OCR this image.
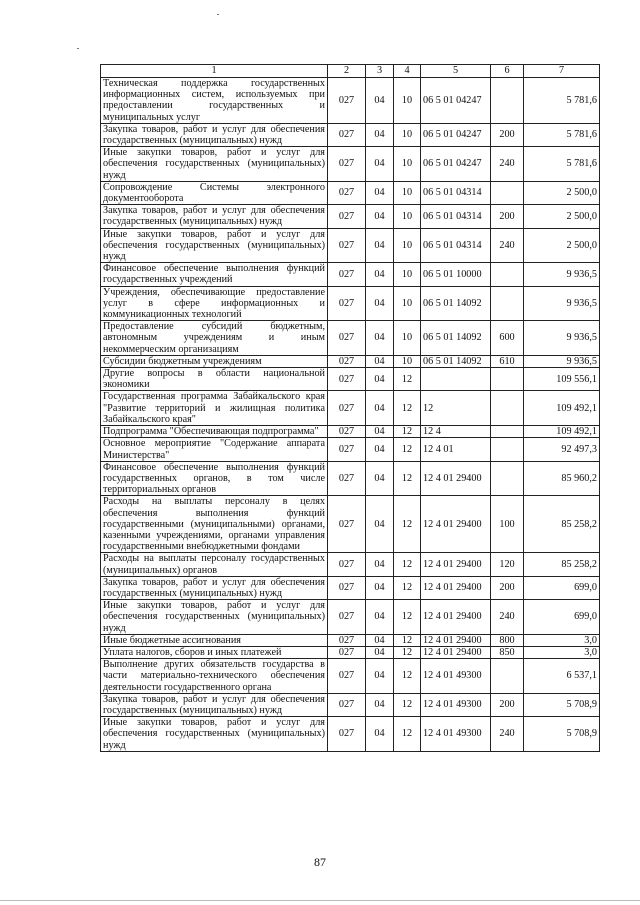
1	2	3	4	5	6	7
Техническая поддержка государственных информационных систем, используемых при предоставлении государственных и муниципальных услуг	027	04	10	06 5 01 04247		5 781,6
Закупка товаров, работ и услуг для обеспечения государственных (муниципальных) нужд	027	04	10	06 5 01 04247	200	5 781,6
Иные закупки товаров, работ и услуг для обеспечения государственных (муниципальных) нужд	027	04	10	06 5 01 04247	240	5 781,6
Сопровождение Системы электронного документооборота	027	04	10	06 5 01 04314		2 500,0
Закупка товаров, работ и услуг для обеспечения государственных (муниципальных) нужд	027	04	10	06 5 01 04314	200	2 500,0
Иные закупки товаров, работ и услуг для обеспечения государственных (муниципальных) нужд	027	04	10	06 5 01 04314	240	2 500,0
Финансовое обеспечение выполнения функций государственных учреждений	027	04	10	06 5 01 10000		9 936,5
Учреждения, обеспечивающие предоставление услуг в сфере информационных и коммуникационных технологий	027	04	10	06 5 01 14092		9 936,5
Предоставление субсидий бюджетным, автономным учреждениям и иным некоммерческим организациям	027	04	10	06 5 01 14092	600	9 936,5
Субсидии бюджетным учреждениям	027	04	10	06 5 01 14092	610	9 936,5
Другие вопросы в области национальной экономики	027	04	12			109 556,1
Государственная программа Забайкальского края "Развитие территорий и жилищная политика Забайкальского края"	027	04	12	12		109 492,1
Подпрограмма "Обеспечивающая подпрограмма"	027	04	12	12 4		109 492,1
Основное мероприятие "Содержание аппарата Министерства"	027	04	12	12 4 01		92 497,3
Финансовое обеспечение выполнения функций государственных органов, в том числе территориальных органов	027	04	12	12 4 01 29400		85 960,2
Расходы на выплаты персоналу в целях обеспечения выполнения функций государственными (муниципальными) органами, казенными учреждениями, органами управления государственными внебюджетными фондами	027	04	12	12 4 01 29400	100	85 258,2
Расходы на выплаты персоналу государственных (муниципальных) органов	027	04	12	12 4 01 29400	120	85 258,2
Закупка товаров, работ и услуг для обеспечения государственных (муниципальных) нужд	027	04	12	12 4 01 29400	200	699,0
Иные закупки товаров, работ и услуг для обеспечения государственных (муниципальных) нужд	027	04	12	12 4 01 29400	240	699,0
Иные бюджетные ассигнования	027	04	12	12 4 01 29400	800	3,0
Уплата налогов, сборов и иных платежей	027	04	12	12 4 01 29400	850	3,0
Выполнение других обязательств государства в части материально-технического обеспечения деятельности государственного органа	027	04	12	12 4 01 49300		6 537,1
Закупка товаров, работ и услуг для обеспечения государственных (муниципальных) нужд	027	04	12	12 4 01 49300	200	5 708,9
Иные закупки товаров, работ и услуг для обеспечения государственных (муниципальных) нужд	027	04	12	12 4 01 49300	240	5 708,9
87
